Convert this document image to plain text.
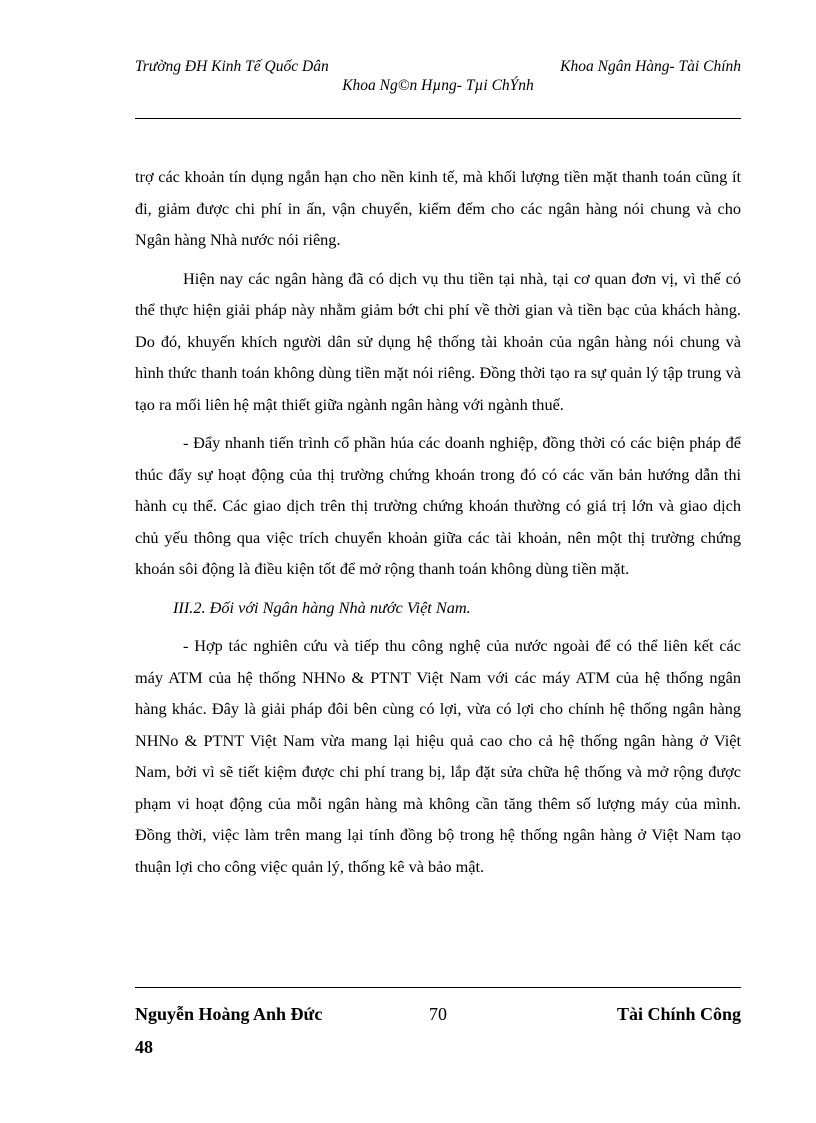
Trường ĐH Kinh Tế Quốc Dân	Khoa Ngân Hàng- Tài Chính
Khoa Ng©n Hµng- Tµi ChÝnh

trợ các khoản tín dụng ngắn hạn cho nền kinh tế, mà khối lượng tiền mặt thanh toán cũng ít đi, giảm được chi phí in ấn, vận chuyển, kiểm đếm cho các ngân hàng nói chung và cho Ngân hàng Nhà nước nói riêng.

Hiện nay các ngân hàng đã có dịch vụ thu tiền tại nhà, tại cơ quan đơn vị, vì thế có thể thực hiện giải pháp này nhằm giảm bớt chi phí về thời gian và tiền bạc của khách hàng. Do đó, khuyến khích người dân sử dụng hệ thống tài khoản của ngân hàng nói chung và hình thức thanh toán không dùng tiền mặt nói riêng. Đồng thời tạo ra sự quản lý tập trung và tạo ra mối liên hệ mật thiết giữa ngành ngân hàng với ngành thuế.

- Đẩy nhanh tiến trình cổ phần húa các doanh nghiệp, đồng thời có các biện pháp để thúc đẩy sự hoạt động của thị trường chứng khoán trong đó có các văn bản hướng dẫn thi hành cụ thể. Các giao dịch trên thị trường chứng khoán thường có giá trị lớn và giao dịch chủ yếu thông qua việc trích chuyển khoản giữa các tài khoản, nên một thị trường chứng khoán sôi động là điều kiện tốt để mở rộng thanh toán không dùng tiền mặt.

III.2. Đối với Ngân hàng Nhà nước Việt Nam.

- Hợp tác nghiên cứu và tiếp thu công nghệ của nước ngoài để có thể liên kết các máy ATM của hệ thống NHNo & PTNT Việt Nam với các máy ATM của hệ thống ngân hàng khác. Đây là giải pháp đôi bên cùng có lợi, vừa có lợi cho chính hệ thống ngân hàng NHNo & PTNT Việt Nam vừa mang lại hiệu quả cao cho cả hệ thống ngân hàng ở Việt Nam, bởi vì sẽ tiết kiệm được chi phí trang bị, lắp đặt sửa chữa hệ thống và mở rộng được phạm vi hoạt động của mỗi ngân hàng mà không cần tăng thêm số lượng máy của mình. Đồng thời, việc làm trên mang lại tính đồng bộ trong hệ thống ngân hàng ở Việt Nam tạo thuận lợi cho công việc quản lý, thống kê và bảo mật.

Nguyễn Hoàng Anh Đức	70	Tài Chính Công
48
